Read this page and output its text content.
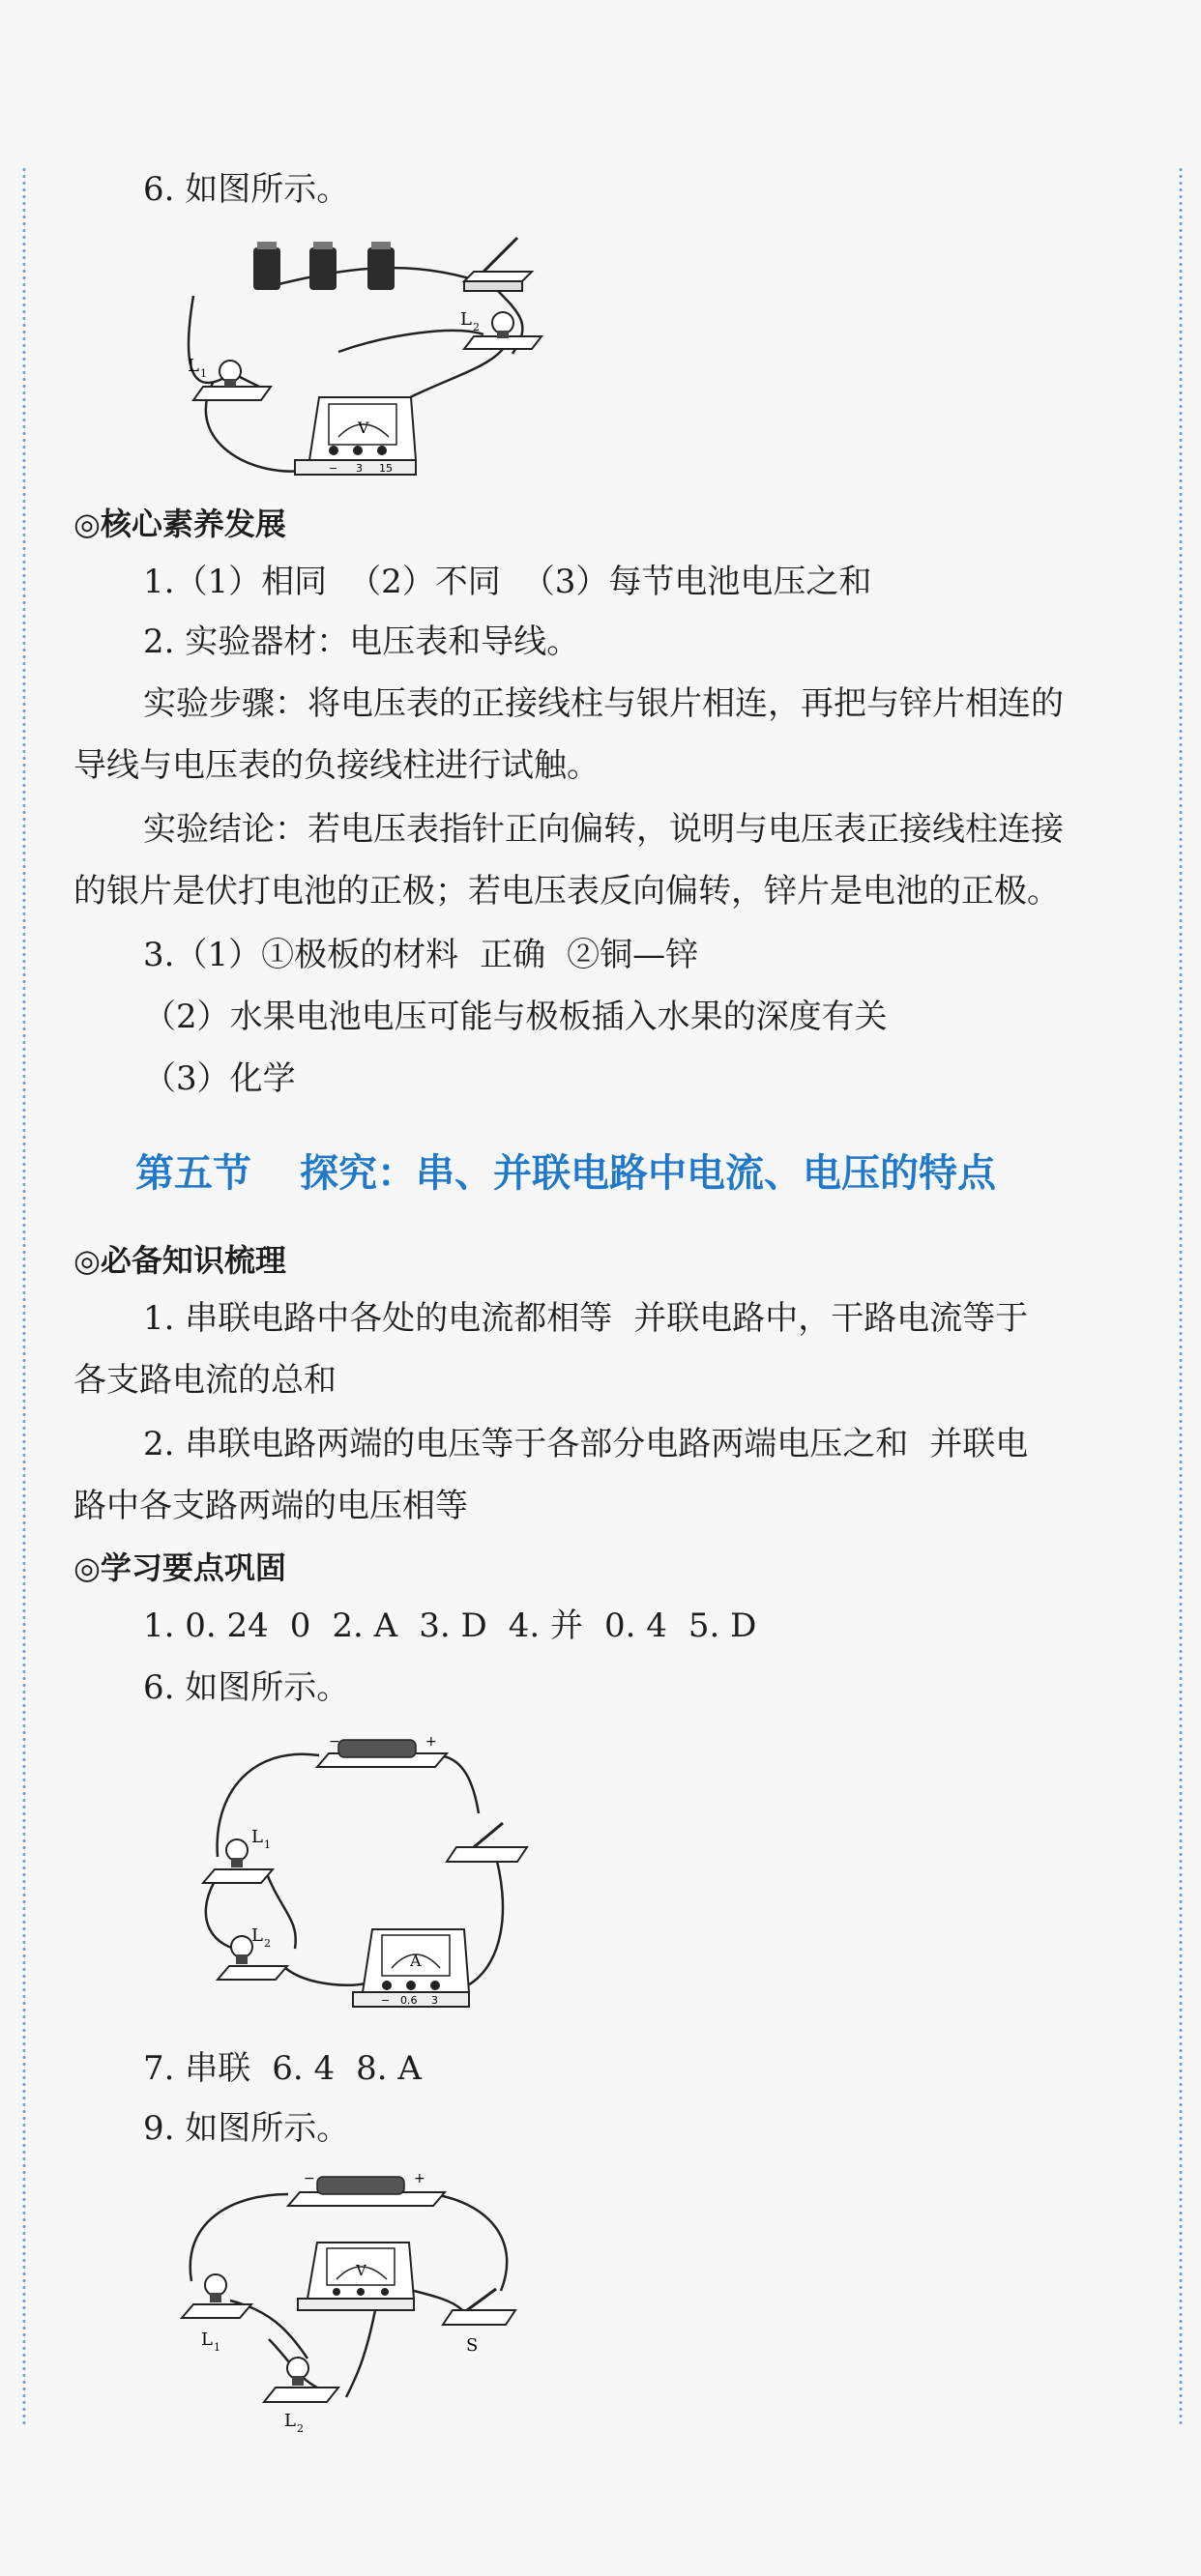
6. 如图所示。
L 2
L 1
V
− 3 15
◎核心素养发展
1.（1）相同 （2）不同 （3）每节电池电压之和
2. 实验器材：电压表和导线。
实验步骤：将电压表的正接线柱与银片相连，再把与锌片相连的
导线与电压表的负接线柱进行试触。
实验结论：若电压表指针正向偏转，说明与电压表正接线柱连接
的银片是伏打电池的正极；若电压表反向偏转，锌片是电池的正极。
3.（1）①极板的材料 正确 ②铜—锌
（2）水果电池电压可能与极板插入水果的深度有关
（3）化学
第五节 探究：串、并联电路中电流、电压的特点
◎必备知识梳理
1. 串联电路中各处的电流都相等 并联电路中，干路电流等于
各支路电流的总和
2. 串联电路两端的电压等于各部分电路两端电压之和 并联电
路中各支路两端的电压相等
◎学习要点巩固
1. 0. 24 0 2. A 3. D 4. 并 0. 4 5. D
6. 如图所示。
−	+
L 1
L 2
A
− 0.6 3
7. 串联 6. 4 8. A
9. 如图所示。
−	+
L 1
V
S
L 2
